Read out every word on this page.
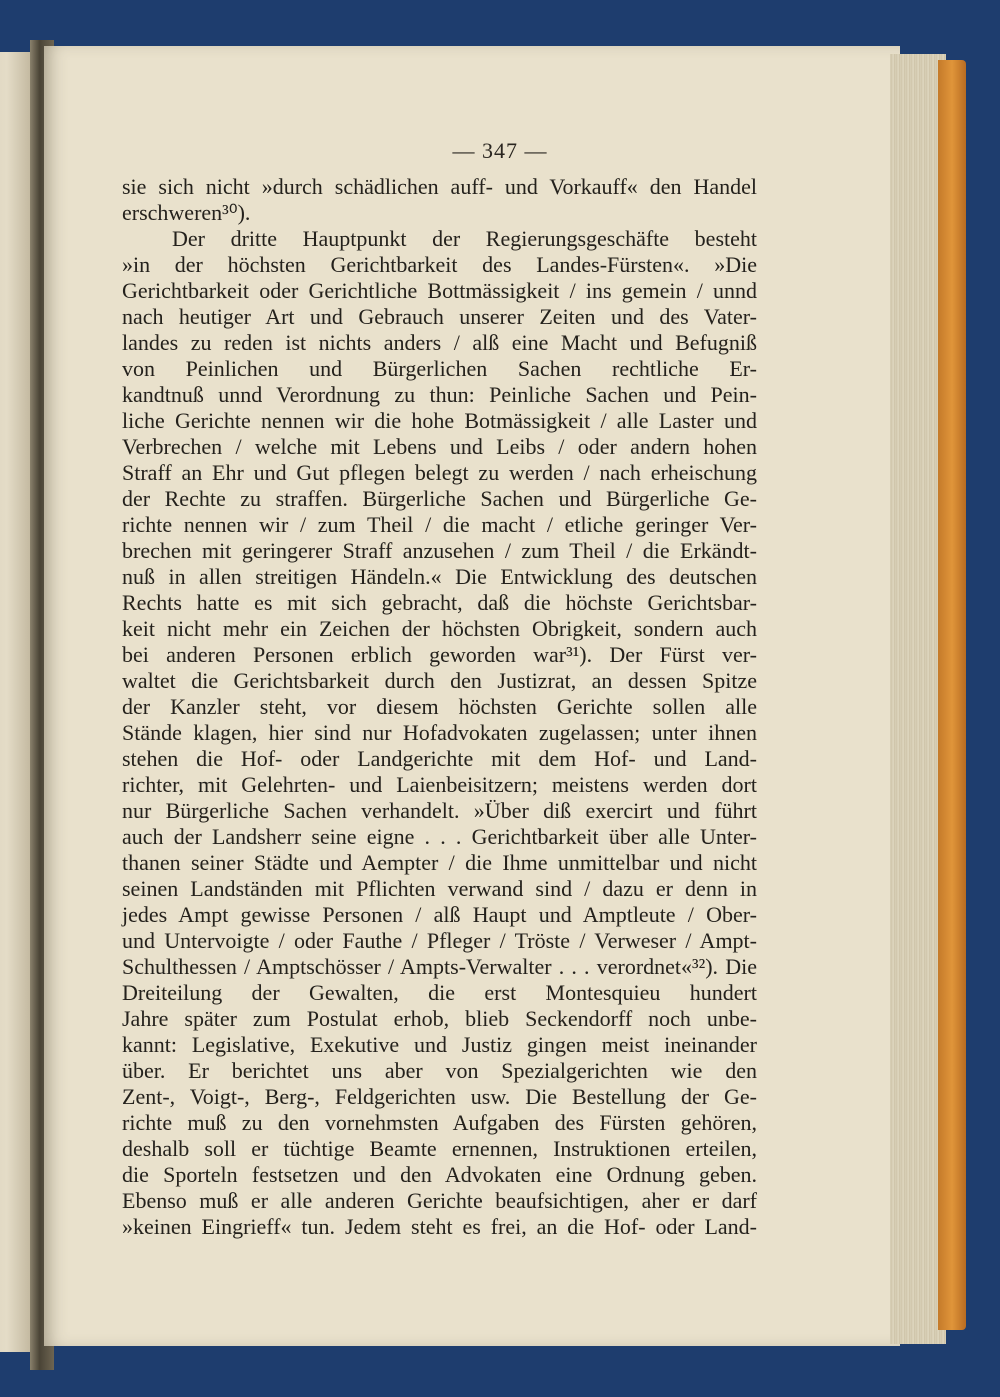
— 347 —
sie sich nicht »durch schädlichen auff- und Vorkauff« den Handel
erschweren³⁰).
Der dritte Hauptpunkt der Regierungsgeschäfte besteht
»in der höchsten Gerichtbarkeit des Landes-Fürsten«. »Die
Gerichtbarkeit oder Gerichtliche Bottmässigkeit / ins gemein / unnd
nach heutiger Art und Gebrauch unserer Zeiten und des Vater-
landes zu reden ist nichts anders / alß eine Macht und Befugniß
von Peinlichen und Bürgerlichen Sachen rechtliche Er-
kandtnuß unnd Verordnung zu thun: Peinliche Sachen und Pein-
liche Gerichte nennen wir die hohe Botmässigkeit / alle Laster und
Verbrechen / welche mit Lebens und Leibs / oder andern hohen
Straff an Ehr und Gut pflegen belegt zu werden / nach erheischung
der Rechte zu straffen. Bürgerliche Sachen und Bürgerliche Ge-
richte nennen wir / zum Theil / die macht / etliche geringer Ver-
brechen mit geringerer Straff anzusehen / zum Theil / die Erkändt-
nuß in allen streitigen Händeln.« Die Entwicklung des deutschen
Rechts hatte es mit sich gebracht, daß die höchste Gerichtsbar-
keit nicht mehr ein Zeichen der höchsten Obrigkeit, sondern auch
bei anderen Personen erblich geworden war³¹). Der Fürst ver-
waltet die Gerichtsbarkeit durch den Justizrat, an dessen Spitze
der Kanzler steht, vor diesem höchsten Gerichte sollen alle
Stände klagen, hier sind nur Hofadvokaten zugelassen; unter ihnen
stehen die Hof- oder Landgerichte mit dem Hof- und Land-
richter, mit Gelehrten- und Laienbeisitzern; meistens werden dort
nur Bürgerliche Sachen verhandelt. »Über diß exercirt und führt
auch der Landsherr seine eigne . . . Gerichtbarkeit über alle Unter-
thanen seiner Städte und Aempter / die Ihme unmittelbar und nicht
seinen Landständen mit Pflichten verwand sind / dazu er denn in
jedes Ampt gewisse Personen / alß Haupt und Amptleute / Ober-
und Untervoigte / oder Fauthe / Pfleger / Tröste / Verweser / Ampt-
Schulthessen / Amptschösser / Ampts-Verwalter . . . verordnet«³²). Die
Dreiteilung der Gewalten, die erst Montesquieu hundert
Jahre später zum Postulat erhob, blieb Seckendorff noch unbe-
kannt: Legislative, Exekutive und Justiz gingen meist ineinander
über. Er berichtet uns aber von Spezialgerichten wie den
Zent-, Voigt-, Berg-, Feldgerichten usw. Die Bestellung der Ge-
richte muß zu den vornehmsten Aufgaben des Fürsten gehören,
deshalb soll er tüchtige Beamte ernennen, Instruktionen erteilen,
die Sporteln festsetzen und den Advokaten eine Ordnung geben.
Ebenso muß er alle anderen Gerichte beaufsichtigen, aher er darf
»keinen Eingrieff« tun. Jedem steht es frei, an die Hof- oder Land-
